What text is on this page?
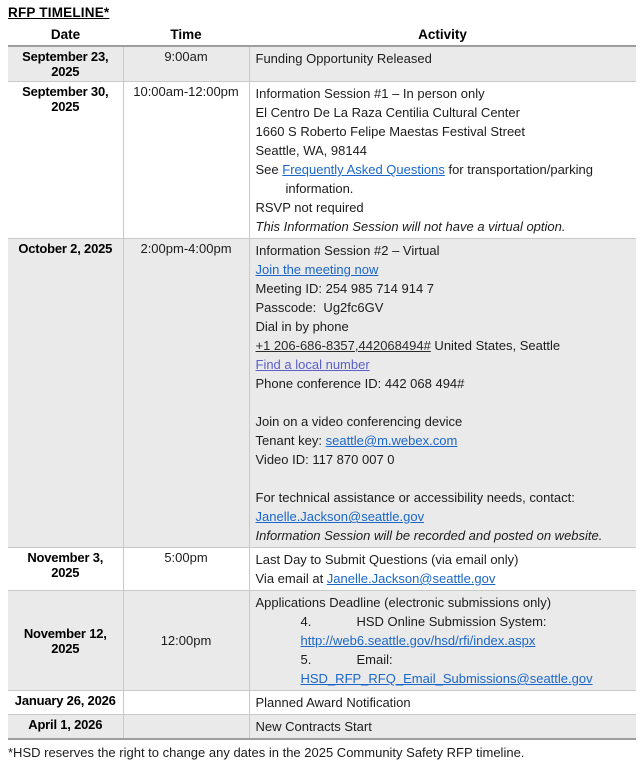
RFP TIMELINE*
Date	Time	Activity
September 23, 2025	9:00am	Funding Opportunity Released

September 30, 2025	10:00am-12:00pm	Information Session #1 – In person only
El Centro De La Raza Centilia Cultural Center
1660 S Roberto Felipe Maestas Festival Street
Seattle, WA, 98144
See Frequently Asked Questions for transportation/parking
information.
RSVP not required
This Information Session will not have a virtual option.

October 2, 2025	2:00pm-4:00pm	Information Session #2 – Virtual
Join the meeting now
Meeting ID: 254 985 714 914 7
Passcode:  Ug2fc6GV
Dial in by phone
+1 206-686-8357,442068494# United States, Seattle
Find a local number
Phone conference ID: 442 068 494#

Join on a video conferencing device
Tenant key: seattle@m.webex.com
Video ID: 117 870 007 0

For technical assistance or accessibility needs, contact:
Janelle.Jackson@seattle.gov
Information Session will be recorded and posted on website.

November 3, 2025	5:00pm	Last Day to Submit Questions (via email only)
Via email at Janelle.Jackson@seattle.gov

November 12, 2025	12:00pm	Applications Deadline (electronic submissions only)
4. HSD Online Submission System:
http://web6.seattle.gov/hsd/rfi/index.aspx
5. Email:
HSD_RFP_RFQ_Email_Submissions@seattle.gov

January 26, 2026		Planned Award Notification

April 1, 2026		New Contracts Start
*HSD reserves the right to change any dates in the 2025 Community Safety RFP timeline.
